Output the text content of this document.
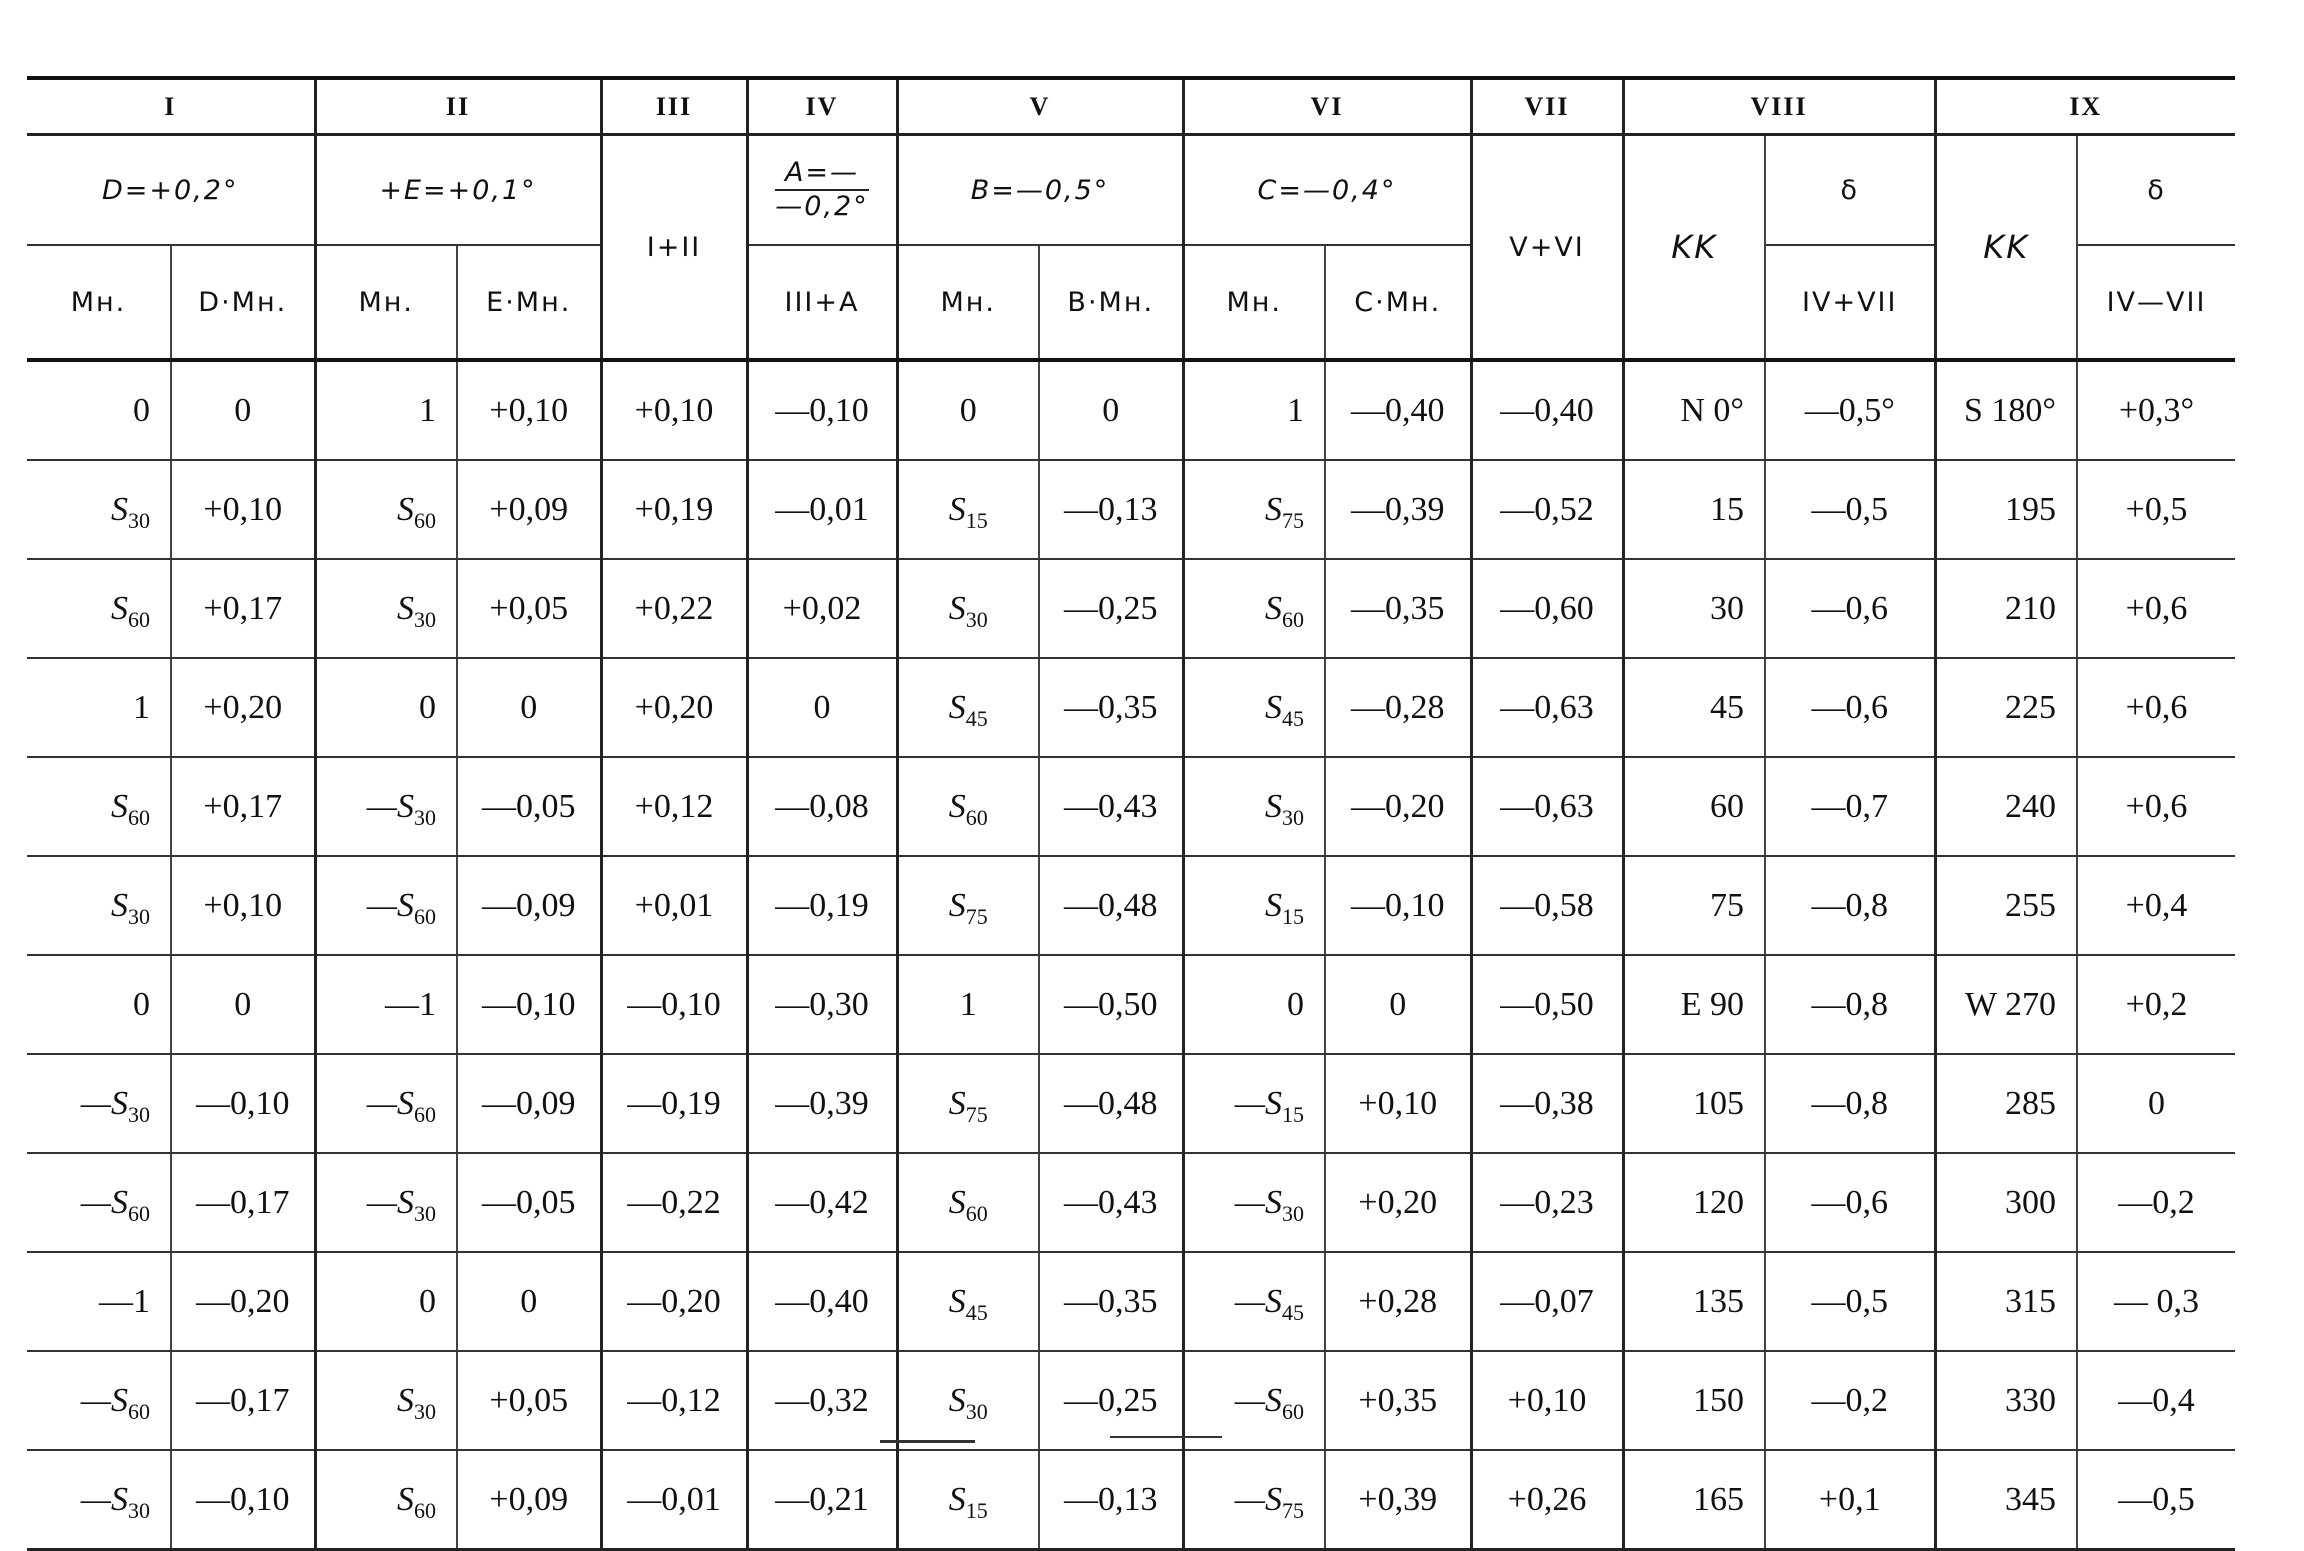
I		II		III	IV	V		VI		VII	VIII		IX	
D=+0,2°		+E=+0,1°		I+II	$\frac{A=—}{—0,2^\circ}$	B=—0,5°		C=—0,4°		V+VI	KK	δ	KK	δ
Мн.	D·Мн.	Мн.	E·Мн.		III+A	Мн.	B·Мн.	Мн.	C·Мн.			IV+VII		IV—VII
0	0	1	+0,10	+0,10	—0,10	0	0	1	—0,40	—0,40	N 0°	—0,5°	S 180°	+0,3°
$S_{30}$	+0,10	$S_{60}$	+0,09	+0,19	—0,01	$S_{15}$	—0,13	$S_{75}$	—0,39	—0,52	15	—0,5	195	+0,5
$S_{60}$	+0,17	$S_{30}$	+0,05	+0,22	+0,02	$S_{30}$	—0,25	$S_{60}$	—0,35	—0,60	30	—0,6	210	+0,6
1	+0,20	0	0	+0,20	0	$S_{45}$	—0,35	$S_{45}$	—0,28	—0,63	45	—0,6	225	+0,6
$S_{60}$	+0,17	$—S_{30}$	—0,05	+0,12	—0,08	$S_{60}$	—0,43	$S_{30}$	—0,20	—0,63	60	—0,7	240	+0,6
$S_{30}$	+0,10	$—S_{60}$	—0,09	+0,01	—0,19	$S_{75}$	—0,48	$S_{15}$	—0,10	—0,58	75	—0,8	255	+0,4
0	0	—1	—0,10	—0,10	—0,30	1	—0,50	0	0	—0,50	E 90	—0,8	W 270	+0,2
$—S_{30}$	—0,10	$—S_{60}$	—0,09	—0,19	—0,39	$S_{75}$	—0,48	$—S_{15}$	+0,10	—0,38	105	—0,8	285	0
$—S_{60}$	—0,17	$—S_{30}$	—0,05	—0,22	—0,42	$S_{60}$	—0,43	$—S_{30}$	+0,20	—0,23	120	—0,6	300	—0,2
—1	—0,20	0	0	—0,20	—0,40	$S_{45}$	—0,35	$—S_{45}$	+0,28	—0,07	135	—0,5	315	— 0,3
$—S_{60}$	—0,17	$S_{30}$	+0,05	—0,12	—0,32	$S_{30}$	—0,25	$—S_{60}$	+0,35	+0,10	150	—0,2	330	—0,4
$—S_{30}$	—0,10	$S_{60}$	+0,09	—0,01	—0,21	$S_{15}$	—0,13	$—S_{75}$	+0,39	+0,26	165	+0,1	345	—0,5
